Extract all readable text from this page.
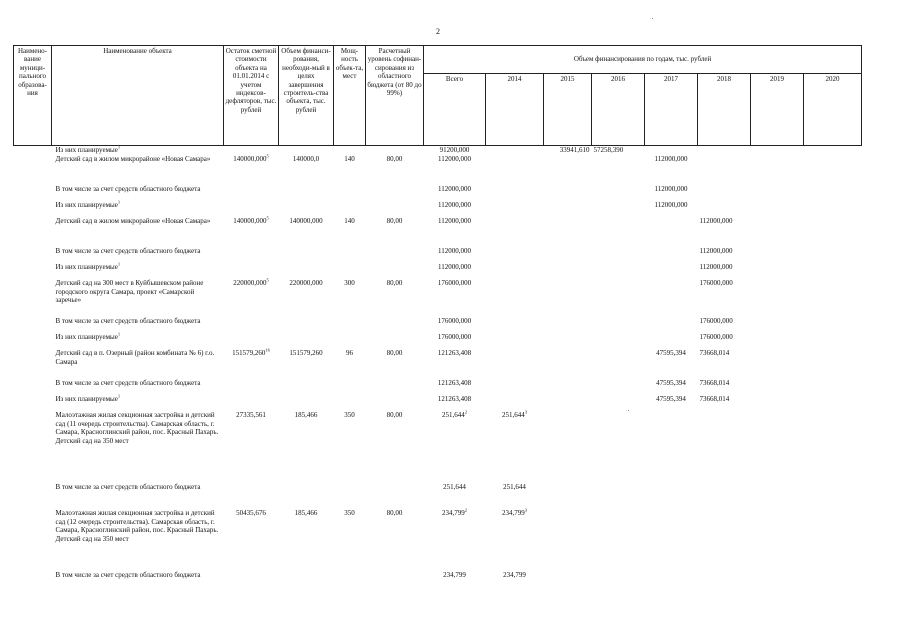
2
Наимено-вание муници-пального образова-ния	Наименование объекта	Остаток сметной стоимости объекта на 01.01.2014 с учетом индексов-дефляторов, тыс. рублей	Объем финанси-рования, необходи-мый в целях завершения строитель-ства объекта, тыс. рублей	Мощ-ность объек-та, мест	Расчетный уровень софинан-сирования из областного бюджета (от 80 до 99%)	Объем финансирования по годам, тыс. рублей							
						Всего	2014	2015	2016	2017	2018	2019	2020
	Из них планируемые$^1$					91200,000		33941,610	57258,390				
	Детский сад в жилом микрорайоне «Новая Самара»	140000,000$^5$	140000,0	140	80,00	112000,000				112000,000			
	В том числе за счет средств областного бюджета					112000,000				112000,000			
	Из них планируемые$^1$					112000,000				112000,000			
	Детский сад в жилом микрорайоне «Новая Самара»	140000,000$^5$	140000,000	140	80,00	112000,000					112000,000		
	В том числе за счет средств областного бюджета					112000,000					112000,000		
	Из них планируемые$^1$					112000,000					112000,000		
	Детский сад на 300 мест в Куйбышевском районе городского округа Самара, проект «Самарской заречье»	220000,000$^5$	220000,000	300	80,00	176000,000					176000,000		
	В том числе за счет средств областного бюджета					176000,000					176000,000		
	Из них планируемые$^1$					176000,000					176000,000		
	Детский сад в п. Озерный (район комбината № 6) г.о. Самара	151579,260$^{16}$	151579,260	96	80,00	121263,408				47595,394	73668,014		
	В том числе за счет средств областного бюджета					121263,408				47595,394	73668,014		
	Из них планируемые$^1$					121263,408				47595,394	73668,014		
	Малоэтажная жилая секционная застройка и детский сад (11 очередь строительства). Самарская область, г. Самара, Красноглинский район, пос. Красный Пахарь. Детский сад на 350 мест	27335,561	185,466	350	80,00	251,644$^2$	251,644$^3$						
	В том числе за счет средств областного бюджета					251,644	251,644						
	Малоэтажная жилая секционная застройка и детский сад (12 очередь строительства). Самарская область, г. Самара, Красноглинский район, пос. Красный Пахарь. Детский сад на 350 мест	50435,676	185,466	350	80,00	234,799$^2$	234,799$^3$						
	В том числе за счет средств областного бюджета					234,799	234,799						
